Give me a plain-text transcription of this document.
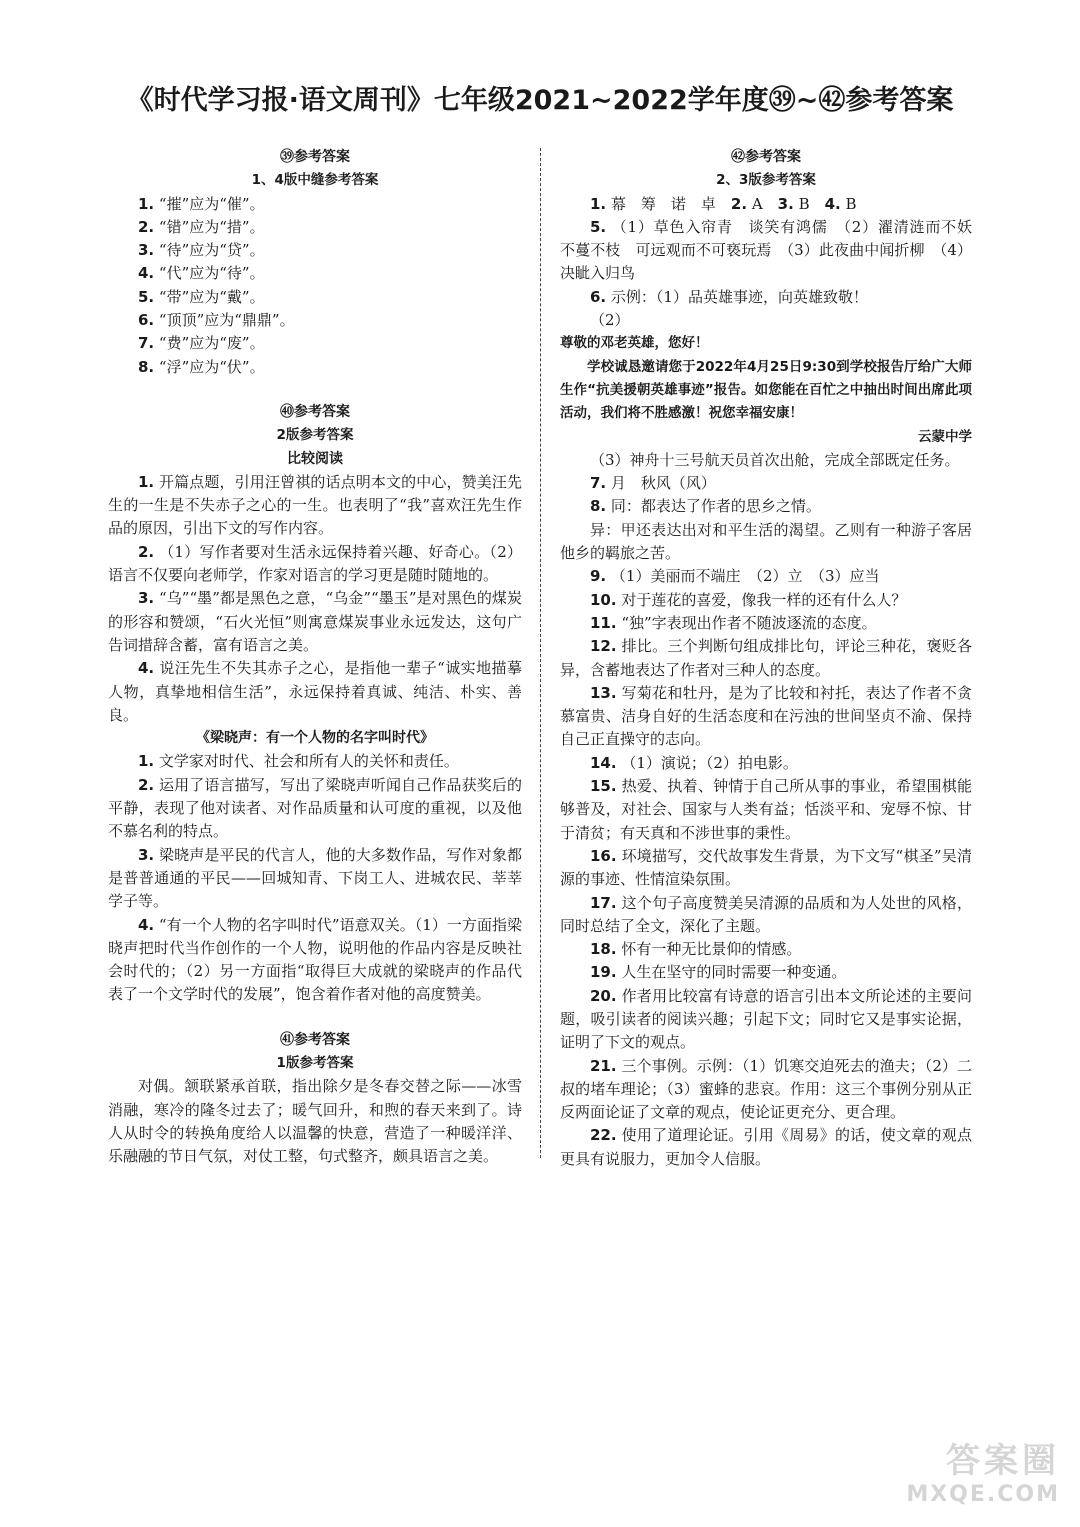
《时代学习报·语文周刊》七年级2021~2022学年度㊴~㊷参考答案
㊴参考答案
1、4版中缝参考答案
1. “摧”应为“催”。
2. “错”应为“措”。
3. “待”应为“贷”。
4. “代”应为“待”。
5. “带”应为“戴”。
6. “顶顶”应为“鼎鼎”。
7. “费”应为“废”。
8. “浮”应为“伏”。
㊵参考答案
2版参考答案
比较阅读
1. 开篇点题，引用汪曾祺的话点明本文的中心，赞美汪先生的一生是不失赤子之心的一生。也表明了“我”喜欢汪先生作品的原因，引出下文的写作内容。
2. （1）写作者要对生活永远保持着兴趣、好奇心。（2）语言不仅要向老师学，作家对语言的学习更是随时随地的。
3. “乌”“墨”都是黑色之意，“乌金”“墨玉”是对黑色的煤炭的形容和赞颂，“石火光恒”则寓意煤炭事业永远发达，这句广告词措辞含蓄，富有语言之美。
4. 说汪先生不失其赤子之心，是指他一辈子“诚实地描摹人物，真挚地相信生活”，永远保持着真诚、纯洁、朴实、善良。
《梁晓声：有一个人物的名字叫时代》
1. 文学家对时代、社会和所有人的关怀和责任。
2. 运用了语言描写，写出了梁晓声听闻自己作品获奖后的平静，表现了他对读者、对作品质量和认可度的重视，以及他不慕名利的特点。
3. 梁晓声是平民的代言人，他的大多数作品，写作对象都是普普通通的平民——回城知青、下岗工人、进城农民、莘莘学子等。
4. “有一个人物的名字叫时代”语意双关。（1）一方面指梁晓声把时代当作创作的一个人物，说明他的作品内容是反映社会时代的；（2）另一方面指“取得巨大成就的梁晓声的作品代表了一个文学时代的发展”，饱含着作者对他的高度赞美。
㊶参考答案
1版参考答案
对偶。颔联紧承首联，指出除夕是冬春交替之际——冰雪消融，寒冷的隆冬过去了；暖气回升，和煦的春天来到了。诗人从时令的转换角度给人以温馨的快意，营造了一种暖洋洋、乐融融的节日气氛，对仗工整，句式整齐，颇具语言之美。
㊷参考答案
2、3版参考答案
1. 幕　筹　诺　卓　2. A　3. B　4. B
5. （1）草色入帘青　谈笑有鸿儒　（2）濯清涟而不妖　不蔓不枝　可远观而不可亵玩焉　（3）此夜曲中闻折柳　（4）决眦入归鸟
6. 示例：（1）品英雄事迹，向英雄致敬！
（2）
尊敬的邓老英雄，您好！
学校诚恳邀请您于2022年4月25日9:30到学校报告厅给广大师生作“抗美援朝英雄事迹”报告。如您能在百忙之中抽出时间出席此项活动，我们将不胜感激！祝您幸福安康！
云蒙中学
（3）神舟十三号航天员首次出舱，完成全部既定任务。
7. 月　秋风（风）
8. 同：都表达了作者的思乡之情。
异：甲还表达出对和平生活的渴望。乙则有一种游子客居他乡的羁旅之苦。
9. （1）美丽而不端庄　（2）立　（3）应当
10. 对于莲花的喜爱，像我一样的还有什么人？
11. “独”字表现出作者不随波逐流的态度。
12. 排比。三个判断句组成排比句，评论三种花，褒贬各异，含蓄地表达了作者对三种人的态度。
13. 写菊花和牡丹，是为了比较和衬托，表达了作者不贪慕富贵、洁身自好的生活态度和在污浊的世间坚贞不渝、保持自己正直操守的志向。
14. （1）演说；（2）拍电影。
15. 热爱、执着、钟情于自己所从事的事业，希望围棋能够普及，对社会、国家与人类有益；恬淡平和、宠辱不惊、甘于清贫；有天真和不涉世事的秉性。
16. 环境描写，交代故事发生背景，为下文写“棋圣”吴清源的事迹、性情渲染氛围。
17. 这个句子高度赞美吴清源的品质和为人处世的风格，同时总结了全文，深化了主题。
18. 怀有一种无比景仰的情感。
19. 人生在坚守的同时需要一种变通。
20. 作者用比较富有诗意的语言引出本文所论述的主要问题，吸引读者的阅读兴趣；引起下文；同时它又是事实论据，证明了下文的观点。
21. 三个事例。示例：（1）饥寒交迫死去的渔夫；（2）二叔的堵车理论；（3）蜜蜂的悲哀。作用：这三个事例分别从正反两面论证了文章的观点，使论证更充分、更合理。
22. 使用了道理论证。引用《周易》的话，使文章的观点更具有说服力，更加令人信服。
答案圈
MXQE.COM
